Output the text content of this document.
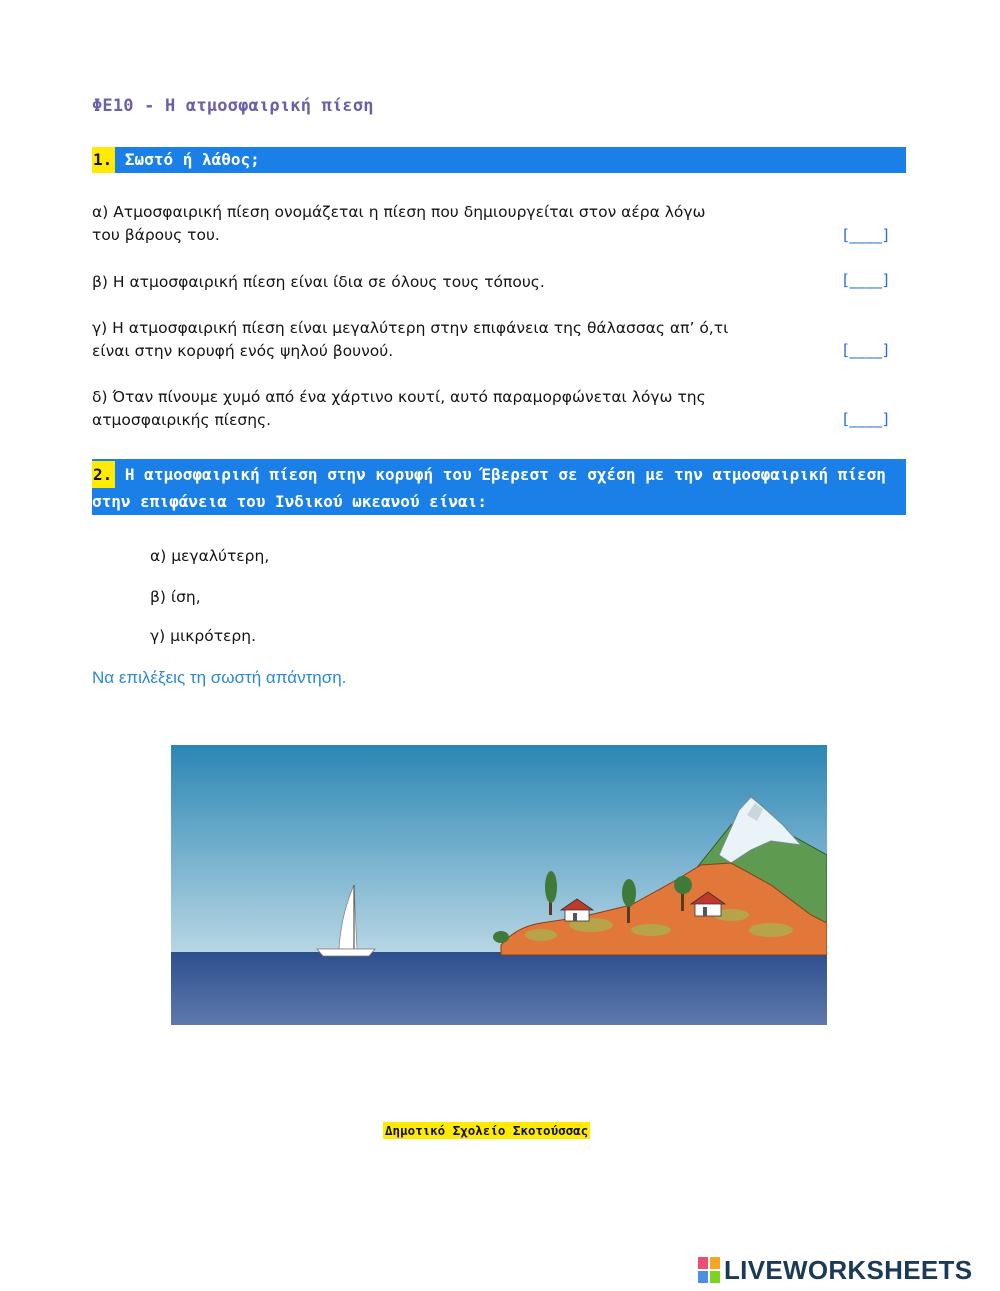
ΦΕ10 - Η ατμοσφαιρική πίεση
1. Σωστό ή λάθος;
α) Ατμοσφαιρική πίεση ονομάζεται η πίεση που δημιουργείται στον αέρα λόγω
του βάρους του.	[____]
β) Η ατμοσφαιρική πίεση είναι ίδια σε όλους τους τόπους.	[____]
γ) Η ατμοσφαιρική πίεση είναι μεγαλύτερη στην επιφάνεια της θάλασσας απ’ ό,τι
είναι στην κορυφή ενός ψηλού βουνού.	[____]
δ) Όταν πίνουμε χυμό από ένα χάρτινο κουτί, αυτό παραμορφώνεται λόγω της
ατμοσφαιρικής πίεσης.	[____]
2. Η ατμοσφαιρική πίεση στην κορυφή του Έβερεστ σε σχέση με την ατμοσφαιρική πίεση
στην επιφάνεια του Ινδικού ωκεανού είναι:
α) μεγαλύτερη,
β) ίση,
γ) μικρότερη.
Να επιλέξεις τη σωστή απάντηση.
Δημοτικό Σχολείο Σκοτούσσας
LIVEWORKSHEETS
